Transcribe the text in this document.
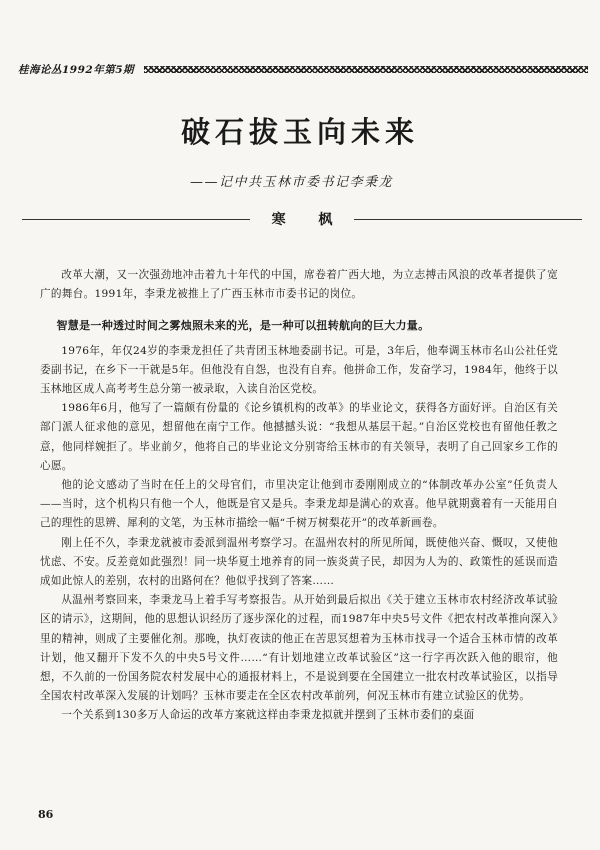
桂海论丛1992年第5期
破石拔玉向未来
——记中共玉林市委书记李秉龙
寒 枫

改革大潮，又一次强劲地冲击着九十年代的中国，席卷着广西大地，为立志搏击风浪的改革者提供了宽广的舞台。1991年，李秉龙被推上了广西玉林市市委书记的岗位。

智慧是一种透过时间之雾烛照未来的光，是一种可以扭转航向的巨大力量。

1976年，年仅24岁的李秉龙担任了共青团玉林地委副书记。可是，3年后，他奉调玉林市名山公社任党委副书记，在乡下一干就是5年。但他没有自怨，也没有自弃。他拼命工作，发奋学习，1984年，他终于以玉林地区成人高考考生总分第一被录取，入读自治区党校。

1986年6月，他写了一篇颇有份量的《论乡镇机构的改革》的毕业论文，获得各方面好评。自治区有关部门派人征求他的意见，想留他在南宁工作。他撼撼头说：“我想从基层干起。”自治区党校也有留他任教之意，他同样婉拒了。毕业前夕，他将自己的毕业论文分别寄给玉林市的有关领导，表明了自己回家乡工作的心愿。

他的论文感动了当时在任上的父母官们，市里决定让他到市委刚刚成立的“体制改革办公室”任负责人——当时，这个机构只有他一个人，他既是官又是兵。李秉龙却是满心的欢喜。他早就期冀着有一天能用自己的理性的思辨、犀利的文笔，为玉林市描绘一幅“千树万树梨花开”的改革新画卷。

刚上任不久，李秉龙就被市委派到温州考察学习。在温州农村的所见所闻，既使他兴奋、慨叹，又使他忧虑、不安。反差竟如此强烈！同一块华夏土地养育的同一族炎黄子民，却因为人为的、政策性的延误而造成如此惊人的差别，农村的出路何在？他似乎找到了答案……

从温州考察回来，李秉龙马上着手写考察报告。从开始到最后拟出《关于建立玉林市农村经济改革试验区的请示》，这期间，他的思想认识经历了逐步深化的过程，而1987年中央5号文件《把农村改革推向深入》里的精神，则成了主要催化剂。那晚，执灯夜读的他正在苦思冥想着为玉林市找寻一个适合玉林市情的改革计划，他又翻开下发不久的中央5号文件……“有计划地建立改革试验区”这一行字再次跃入他的眼帘，他想，不久前的一份国务院农村发展中心的通报材料上，不是说到要在全国建立一批农村改革试验区，以指导全国农村改革深入发展的计划吗？玉林市要走在全区农村改革前列，何况玉林市有建立试验区的优势。

一个关系到130多万人命运的改革方案就这样由李秉龙拟就并摆到了玉林市委们的桌面

86
